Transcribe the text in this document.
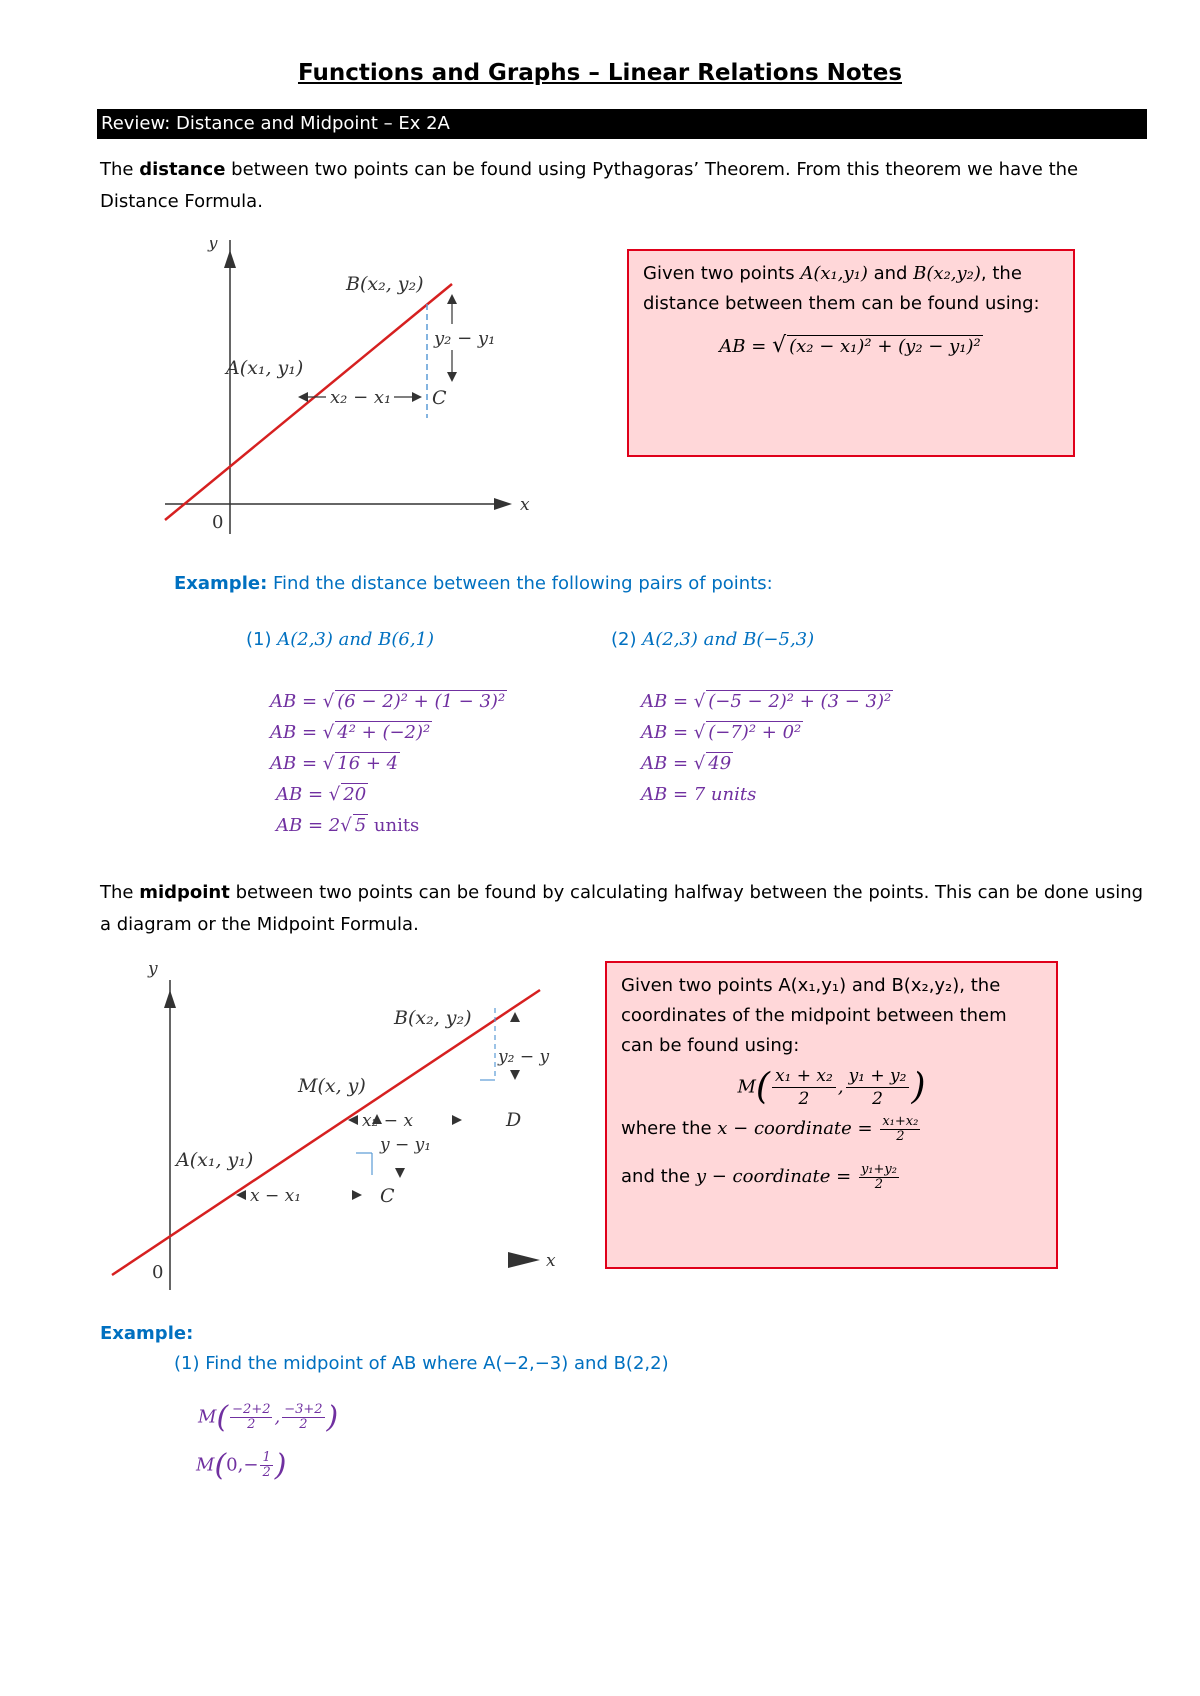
Functions and Graphs – Linear Relations Notes
Review: Distance and Midpoint – Ex 2A
The distance between two points can be found using Pythagoras’ Theorem. From this theorem we have the Distance Formula.
y
x
0
B(x₂, y₂)
A(x₁, y₁)
C
y₂ − y₁
x₂ − x₁
Given two points A(x₁,y₁) and B(x₂,y₂), the
distance between them can be found using:
AB = √ (x₂ − x₁)² + (y₂ − y₁)²
Example: Find the distance between the following pairs of points:
(1) A(2,3) and B(6,1)	(2) A(2,3) and B(−5,3)
AB = √ (6 − 2)² + (1 − 3)²
AB = √ 4² + (−2)²
AB = √ 16 + 4
AB = √ 20
AB = 2√ 5 units
AB = √ (−5 − 2)² + (3 − 3)²
AB = √ (−7)² + 0²
AB = √ 49
AB = 7 units
The midpoint between two points can be found by calculating halfway between the points. This can be done using a diagram or the Midpoint Formula.
y
x
0
B(x₂, y₂)
M(x, y)
A(x₁, y₁)
C
D
y₂ − y
x₂ − x
y − y₁
x − x₁
Given two points A(x₁,y₁) and B(x₂,y₂), the
coordinates of the midpoint between them
can be found using:
$M( \frac{\text{x₁ + x₂}}{2}$ , $\frac{\text{y₁ + y₂}}{2}$ )
where the x − coordinate = $\frac{\text{x₁+x₂}}{2}$
and the y − coordinate = $\frac{\text{y₁+y₂}}{2}$
Example:
(1) Find the midpoint of AB where A(−2,−3) and B(2,2)
$M( \frac{-2+2}{2}$ , $\frac{-3+2}{2}$ )
$M(0,- \frac{1}{2}$ )
